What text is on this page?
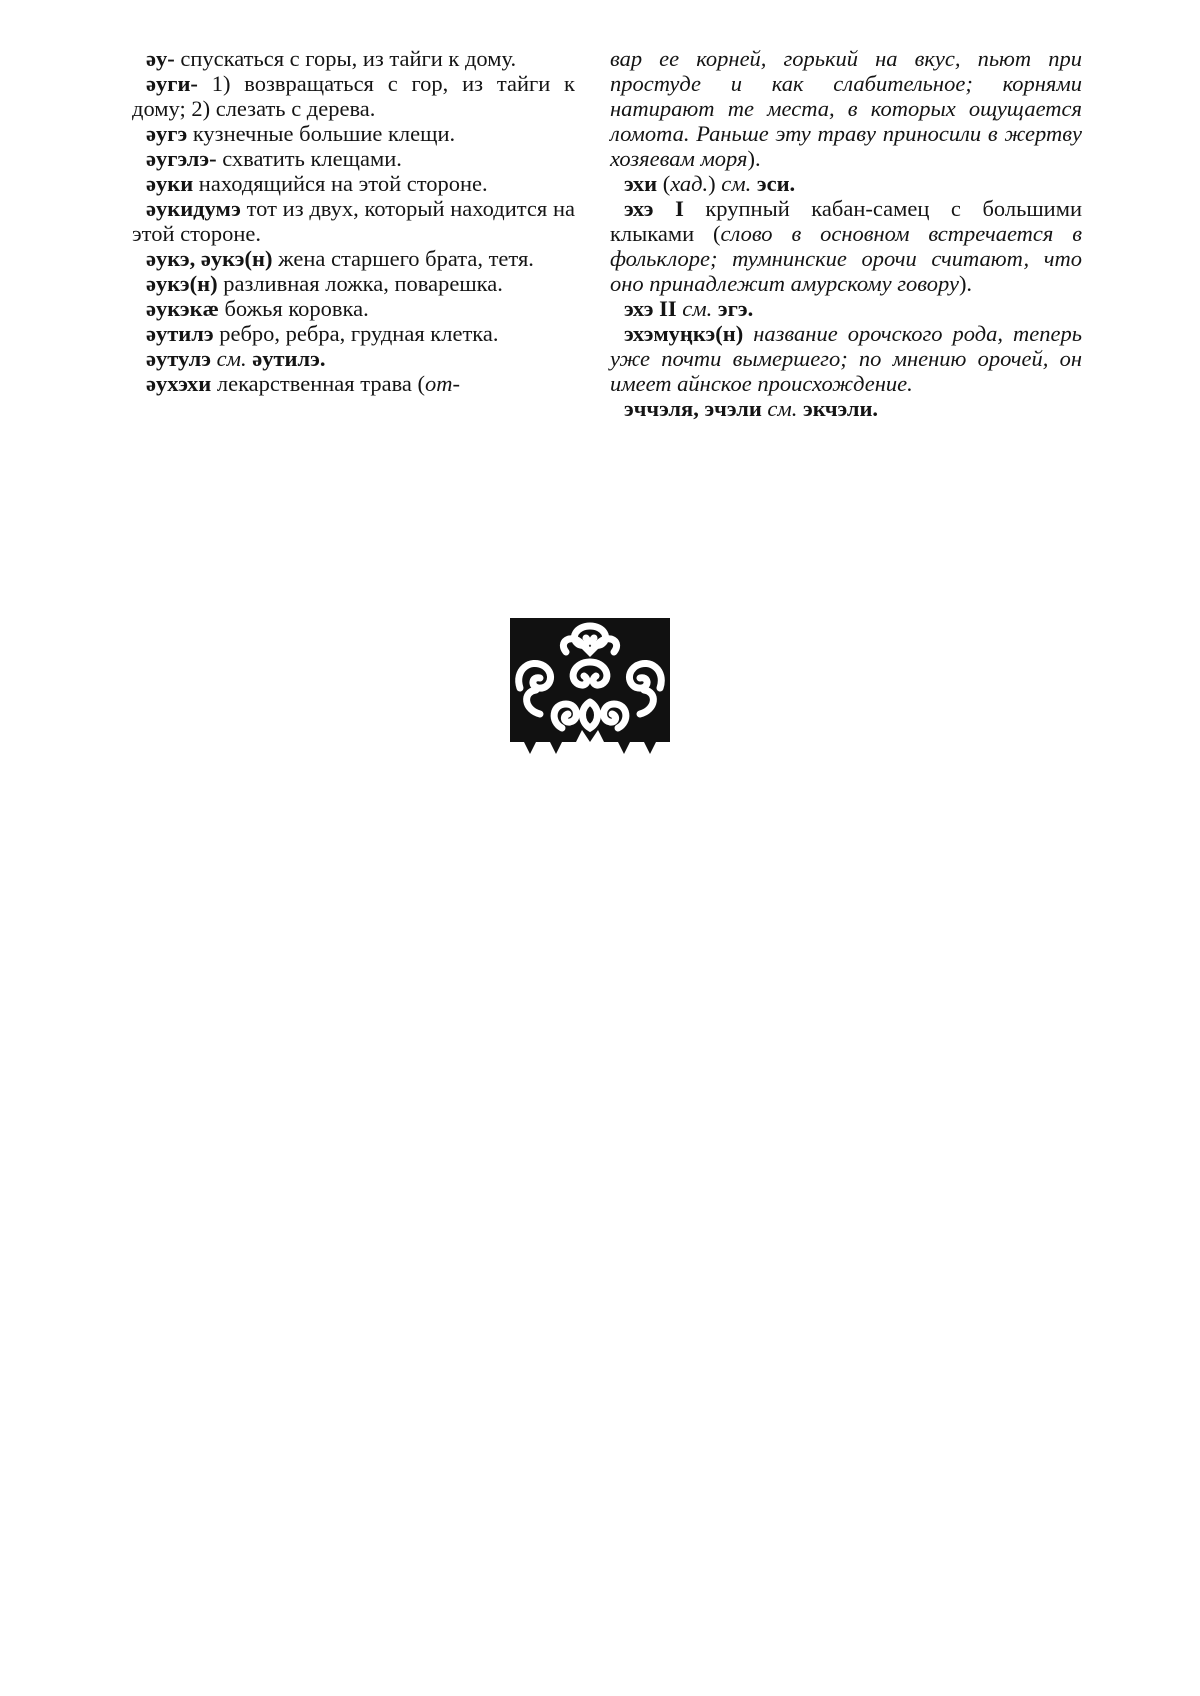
əу- спускаться с горы, из тайги к дому.

əуги- 1) возвращаться с гор, из тайги к дому; 2) слезать с дерева.

əугэ кузнечные большие клещи.

əугэлэ- схватить клещами.

əуки находящийся на этой стороне.

əукидумэ тот из двух, который находится на этой стороне.

əукэ, əукэ(н) жена старшего брата, тетя.

əукэ(н) разливная ложка, поварешка.

əукэкæ божья коровка.

əутилэ ребро, ребра, грудная клетка.

əутулэ см. əутилэ.

əухэхи лекарственная трава (от-

вар ее корней, горький на вкус, пьют при простуде и как слабительное; корнями натирают те места, в которых ощущается ломота. Раньше эту траву приносили в жертву хозяевам моря).

эхи (хад.) см. эси.

эхэ I крупный кабан-самец с большими клыками (слово в основном встречается в фольклоре; тумнинские орочи считают, что оно принадлежит амурскому говору).

эхэ II см. эгэ.

эхэмуңкэ(н) название орочского рода, теперь уже почти вымершего; по мнению орочей, он имеет айнское происхождение.

эччэля, эчэли см. экчэли.
